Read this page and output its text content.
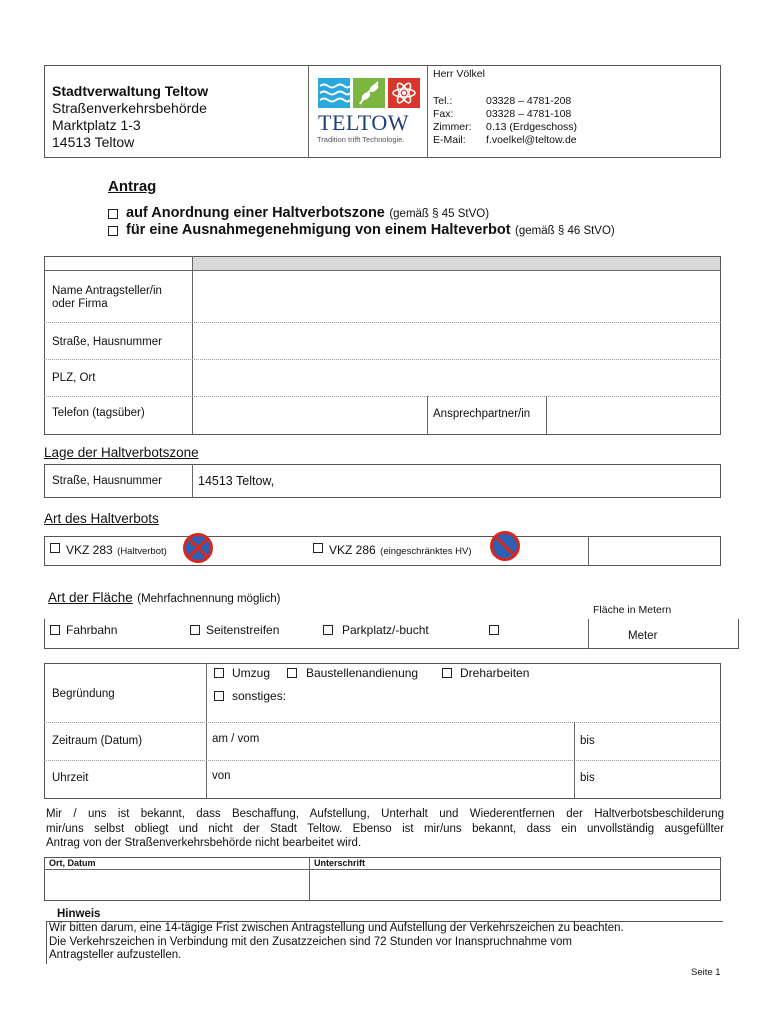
Stadtverwaltung Teltow
Straßenverkehrsbehörde
Marktplatz 1-3
14513 Teltow
TELTOW
Tradition trifft Technologie.
Herr Völkel
Tel.:	03328 – 4781-208
Fax:	03328 – 4781-108
Zimmer: 0.13 (Erdgeschoss)
E-Mail: f.voelkel@teltow.de
Antrag
auf Anordnung einer Haltverbotszone (gemäß § 45 StVO)
für eine Ausnahmegenehmigung von einem Halteverbot (gemäß § 46 StVO)
Name Antragsteller/in
oder Firma
Straße, Hausnummer
PLZ, Ort
Telefon (tagsüber)	Ansprechpartner/in
Lage der Haltverbotszone
Straße, Hausnummer	14513 Teltow,
Art des Haltverbots
VKZ 283 (Haltverbot)	VKZ 286 (eingeschränktes HV)
Art der Fläche (Mehrfachnennung möglich)
Fläche in Metern
Fahrbahn	Seitenstreifen	Parkplatz/-bucht	Meter
Begründung
Umzug	Baustellenandienung	Dreharbeiten
sonstiges:
Zeitraum (Datum)	am / vom	bis
Uhrzeit	von	bis
Mir / uns ist bekannt, dass Beschaffung, Aufstellung, Unterhalt und Wiederentfernen der Haltverbotsbeschilderung
mir/uns selbst obliegt und nicht der Stadt Teltow. Ebenso ist mir/uns bekannt, dass ein unvollständig ausgefüllter
Antrag von der Straßenverkehrsbehörde nicht bearbeitet wird.
Ort, Datum	Unterschrift
Hinweis
Wir bitten darum, eine 14-tägige Frist zwischen Antragstellung und Aufstellung der Verkehrszeichen zu beachten.
Die Verkehrszeichen in Verbindung mit den Zusatzzeichen sind 72 Stunden vor Inanspruchnahme vom
Antragsteller aufzustellen.
Seite 1
